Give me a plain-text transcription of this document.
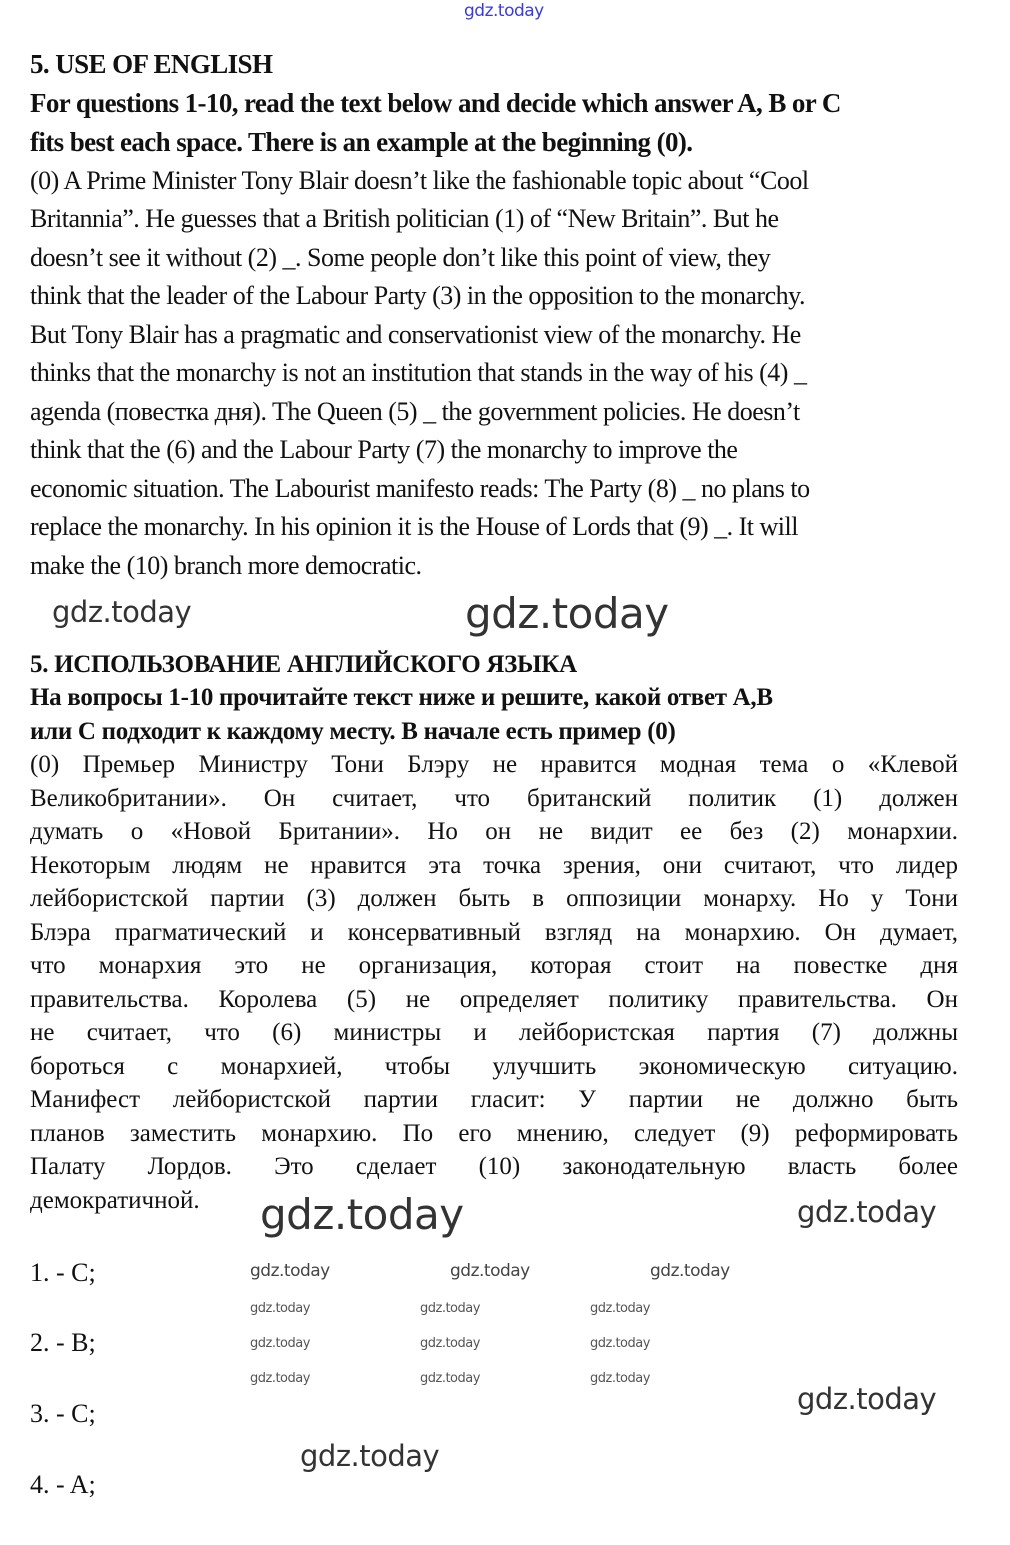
gdz.today
5. USE OF ENGLISH
For questions 1-10, read the text below and decide which answer A, B or C
fits best each space. There is an example at the beginning (0).
(0) A Prime Minister Tony Blair doesn’t like the fashionable topic about “Cool
Britannia”. He guesses that a British politician (1) of “New Britain”. But he
doesn’t see it without (2) _. Some people don’t like this point of view, they
think that the leader of the Labour Party (3) in the opposition to the monarchy.
But Tony Blair has a pragmatic and conservationist view of the monarchy. He
thinks that the monarchy is not an institution that stands in the way of his (4) _
agenda (повестка дня). The Queen (5) _ the government policies. He doesn’t
think that the (6) and the Labour Party (7) the monarchy to improve the
economic situation. The Labourist manifesto reads: The Party (8) _ no plans to
replace the monarchy. In his opinion it is the House of Lords that (9) _. It will
make the (10) branch more democratic.
5. ИСПОЛЬЗОВАНИЕ АНГЛИЙСКОГО ЯЗЫКА
На вопросы 1-10 прочитайте текст ниже и решите, какой ответ А,В
или С подходит к каждому месту. В начале есть пример (0)
(0) Премьер Министру Тони Блэру не нравится модная тема о «Клевой
Великобритании». Он считает, что британский политик (1) должен
думать о «Новой Британии». Но он не видит ее без (2) монархии.
Некоторым людям не нравится эта точка зрения, они считают, что лидер
лейбористской партии (3) должен быть в оппозиции монарху. Но у Тони
Блэра прагматический и консервативный взгляд на монархию. Он думает,
что монархия это не организация, которая стоит на повестке дня
правительства. Королева (5) не определяет политику правительства. Он
не считает, что (6) министры и лейбористская партия (7) должны
бороться с монархией, чтобы улучшить экономическую ситуацию.
Манифест лейбористской партии гласит: У партии не должно быть
планов заместить монархию. По его мнению, следует (9) реформировать
Палату Лордов. Это сделает (10) законодательную власть более
демократичной.
1. - C;
2. - B;
3. - C;
4. - A;
gdz.today	gdz.today
gdz.today	gdz.today
gdz.today
gdz.today	gdz.today	gdz.today
gdz.today	gdz.today	gdz.today
gdz.today	gdz.today	gdz.today
gdz.today	gdz.today	gdz.today
gdz.today
